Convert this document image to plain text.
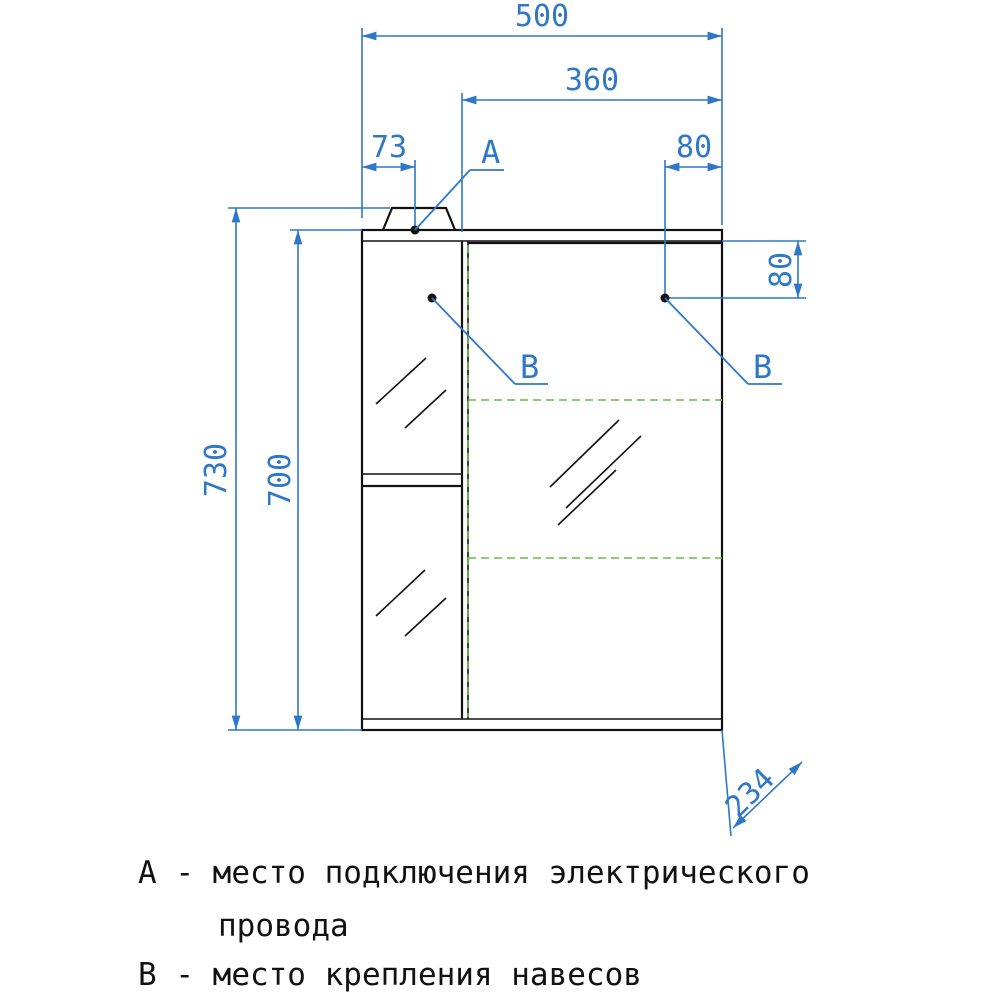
500
360
73	80
80
730 700
234
A
B	B
A - место подключения электрического
провода
B - место крепления навесов
